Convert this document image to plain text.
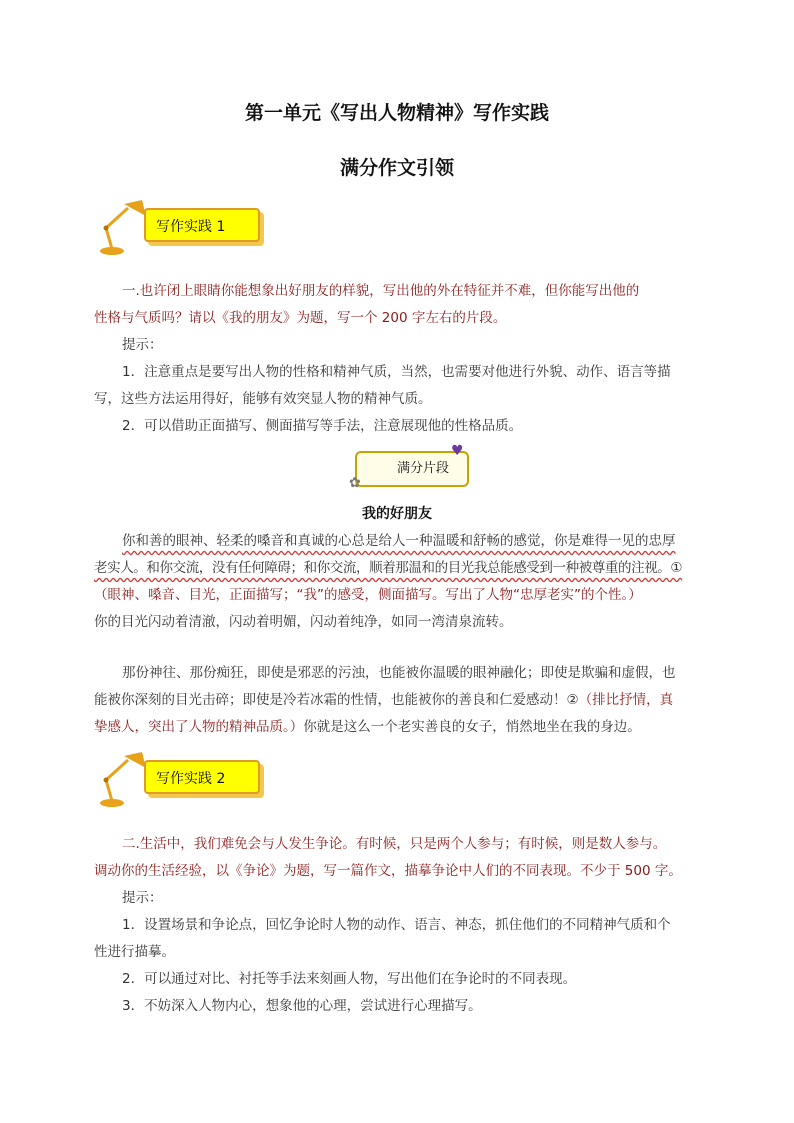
第一单元《写出人物精神》写作实践
满分作文引领
写作实践 1
一.也许闭上眼睛你能想象出好朋友的样貌，写出他的外在特征并不难，但你能写出他的
性格与气质吗？请以《我的朋友》为题，写一个 200 字左右的片段。
提示：
1．注意重点是要写出人物的性格和精神气质，当然，也需要对他进行外貌、动作、语言等描
写，这些方法运用得好，能够有效突显人物的精神气质。
2．可以借助正面描写、侧面描写等手法，注意展现他的性格品质。
满分片段
♥
✿
我的好朋友
你和善的眼神、轻柔的嗓音和真诚的心总是给人一种温暖和舒畅的感觉，你是难得一见的忠厚
老实人。和你交流，没有任何障碍；和你交流，顺着那温和的目光我总能感受到一种被尊重的注视。①
（眼神、嗓音、目光，正面描写；“我”的感受，侧面描写。写出了人物“忠厚老实”的个性。）
你的目光闪动着清澈，闪动着明媚，闪动着纯净，如同一湾清泉流转。
那份神往、那份痴狂，即使是邪恶的污浊，也能被你温暖的眼神融化；即使是欺骗和虚假，也
能被你深刻的目光击碎；即使是冷若冰霜的性情，也能被你的善良和仁爱感动！②（排比抒情，真
挚感人，突出了人物的精神品质。）你就是这么一个老实善良的女子，悄然地坐在我的身边。
写作实践 2
二.生活中，我们难免会与人发生争论。有时候，只是两个人参与；有时候，则是数人参与。
调动你的生活经验，以《争论》为题，写一篇作文，描摹争论中人们的不同表现。不少于 500 字。
提示：
1．设置场景和争论点，回忆争论时人物的动作、语言、神态，抓住他们的不同精神气质和个
性进行描摹。
2．可以通过对比、衬托等手法来刻画人物，写出他们在争论时的不同表现。
3．不妨深入人物内心，想象他的心理，尝试进行心理描写。
